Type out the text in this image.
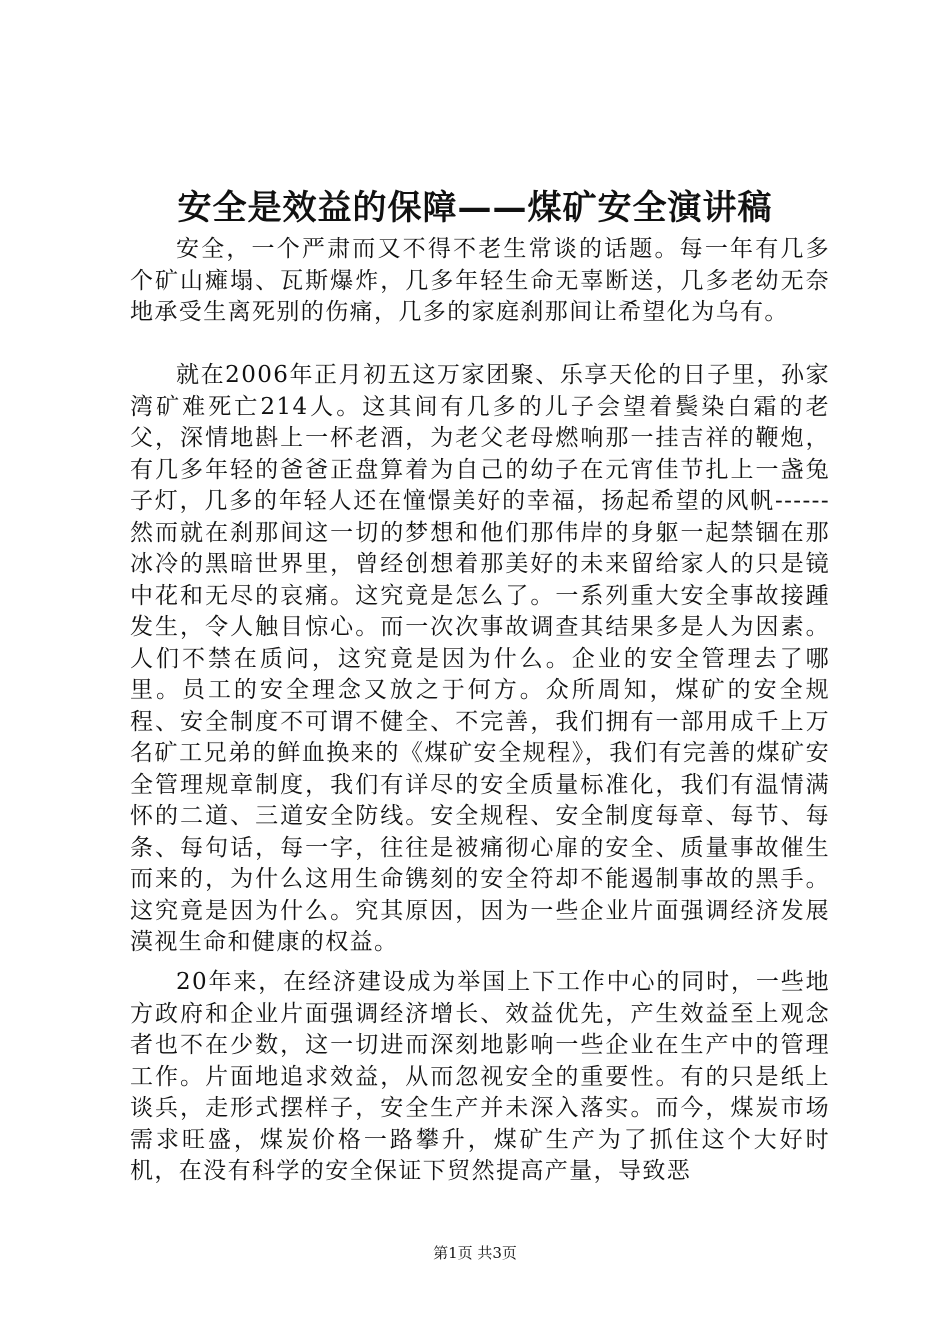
安全是效益的保障——煤矿安全演讲稿

安全，一个严肃而又不得不老生常谈的话题。每一年有几多个矿山瘫塌、瓦斯爆炸，几多年轻生命无辜断送，几多老幼无奈地承受生离死别的伤痛，几多的家庭刹那间让希望化为乌有。

就在2006年正月初五这万家团聚、乐享天伦的日子里，孙家湾矿难死亡214人。这其间有几多的儿子会望着鬓染白霜的老父，深情地斟上一杯老酒，为老父老母燃响那一挂吉祥的鞭炮，有几多年轻的爸爸正盘算着为自己的幼子在元宵佳节扎上一盏兔子灯，几多的年轻人还在憧憬美好的幸福，扬起希望的风帆------然而就在刹那间这一切的梦想和他们那伟岸的身躯一起禁锢在那冰冷的黑暗世界里，曾经创想着那美好的未来留给家人的只是镜中花和无尽的哀痛。这究竟是怎么了。一系列重大安全事故接踵发生，令人触目惊心。而一次次事故调查其结果多是人为因素。人们不禁在质问，这究竟是因为什么。企业的安全管理去了哪里。员工的安全理念又放之于何方。众所周知，煤矿的安全规程、安全制度不可谓不健全、不完善，我们拥有一部用成千上万名矿工兄弟的鲜血换来的《煤矿安全规程》，我们有完善的煤矿安全管理规章制度，我们有详尽的安全质量标准化，我们有温情满怀的二道、三道安全防线。安全规程、安全制度每章、每节、每条、每句话，每一字，往往是被痛彻心扉的安全、质量事故催生而来的，为什么这用生命镌刻的安全符却不能遏制事故的黑手。这究竟是因为什么。究其原因，因为一些企业片面强调经济发展漠视生命和健康的权益。

20年来，在经济建设成为举国上下工作中心的同时，一些地方政府和企业片面强调经济增长、效益优先，产生效益至上观念者也不在少数，这一切进而深刻地影响一些企业在生产中的管理工作。片面地追求效益，从而忽视安全的重要性。有的只是纸上谈兵，走形式摆样子，安全生产并未深入落实。而今，煤炭市场需求旺盛，煤炭价格一路攀升，煤矿生产为了抓住这个大好时机，在没有科学的安全保证下贸然提高产量，导致恶

第1页 共3页
